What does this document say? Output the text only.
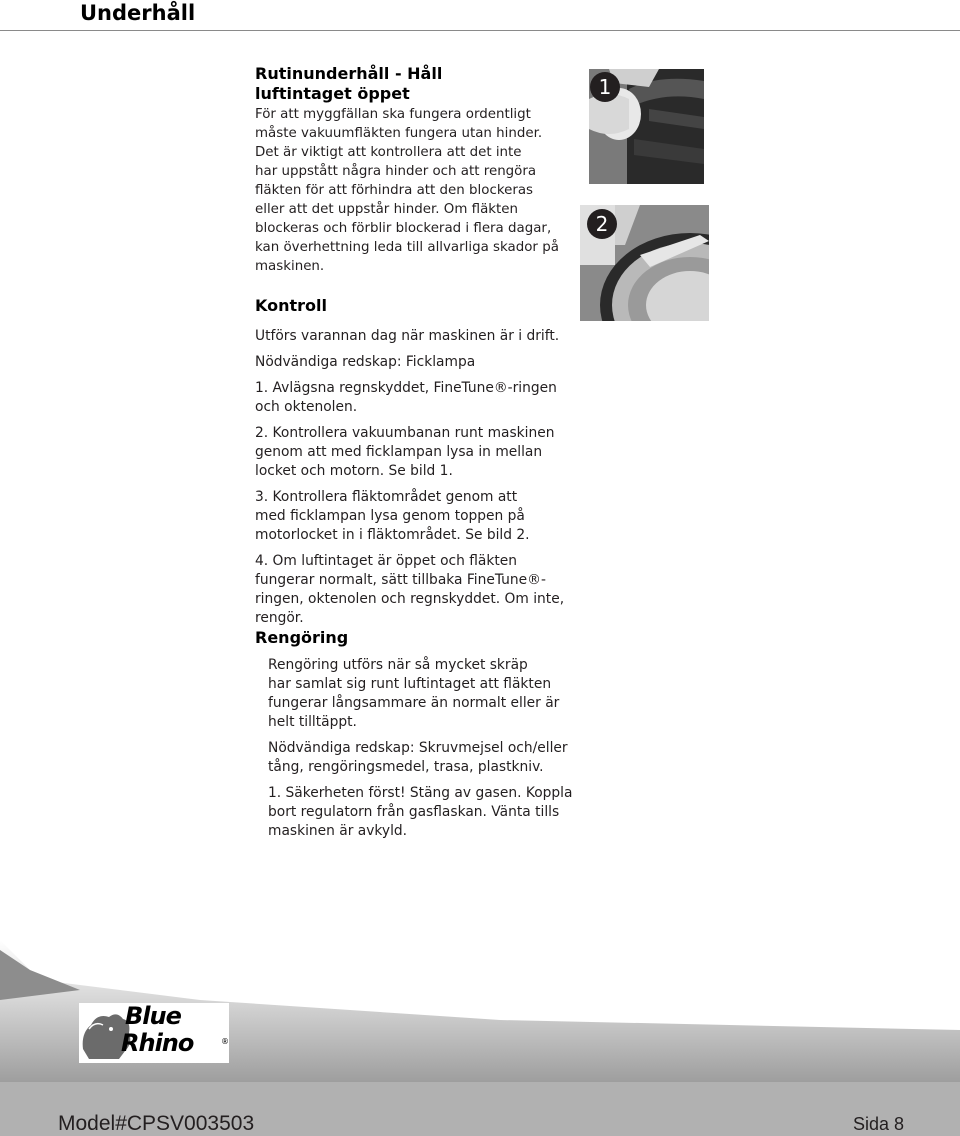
Underhåll
Rutinunderhåll - Håll
luftintaget öppet

För att myggfällan ska fungera ordentligt

måste vakuumfläkten fungera utan hinder.

Det är viktigt att kontrollera att det inte

har uppstått några hinder och att rengöra

fläkten för att förhindra att den blockeras

eller att det uppstår hinder. Om fläkten

blockeras och förblir blockerad i flera dagar,

kan överhettning leda till allvarliga skador på

maskinen.

Kontroll

Utförs varannan dag när maskinen är i drift.

Nödvändiga redskap: Ficklampa

1. Avlägsna regnskyddet, FineTune®-ringen

och oktenolen.

2. Kontrollera vakuumbanan runt maskinen

genom att med ficklampan lysa in mellan

locket och motorn. Se bild 1.

3. Kontrollera fläktområdet genom att

med ficklampan lysa genom toppen på

motorlocket in i fläktområdet. Se bild 2.

4. Om luftintaget är öppet och fläkten

fungerar normalt, sätt tillbaka FineTune®-

ringen, oktenolen och regnskyddet. Om inte,

rengör.

Rengöring

Rengöring utförs när så mycket skräp

har samlat sig runt luftintaget att fläkten

fungerar långsammare än normalt eller är

helt tilltäppt.

Nödvändiga redskap: Skruvmejsel och/eller

tång, rengöringsmedel, trasa, plastkniv.

1. Säkerheten först! Stäng av gasen. Koppla

bort regulatorn från gasflaskan. Vänta tills

maskinen är avkyld.

1
2
Blue
Rhino	®
Model#CPSV003503	Sida 8
